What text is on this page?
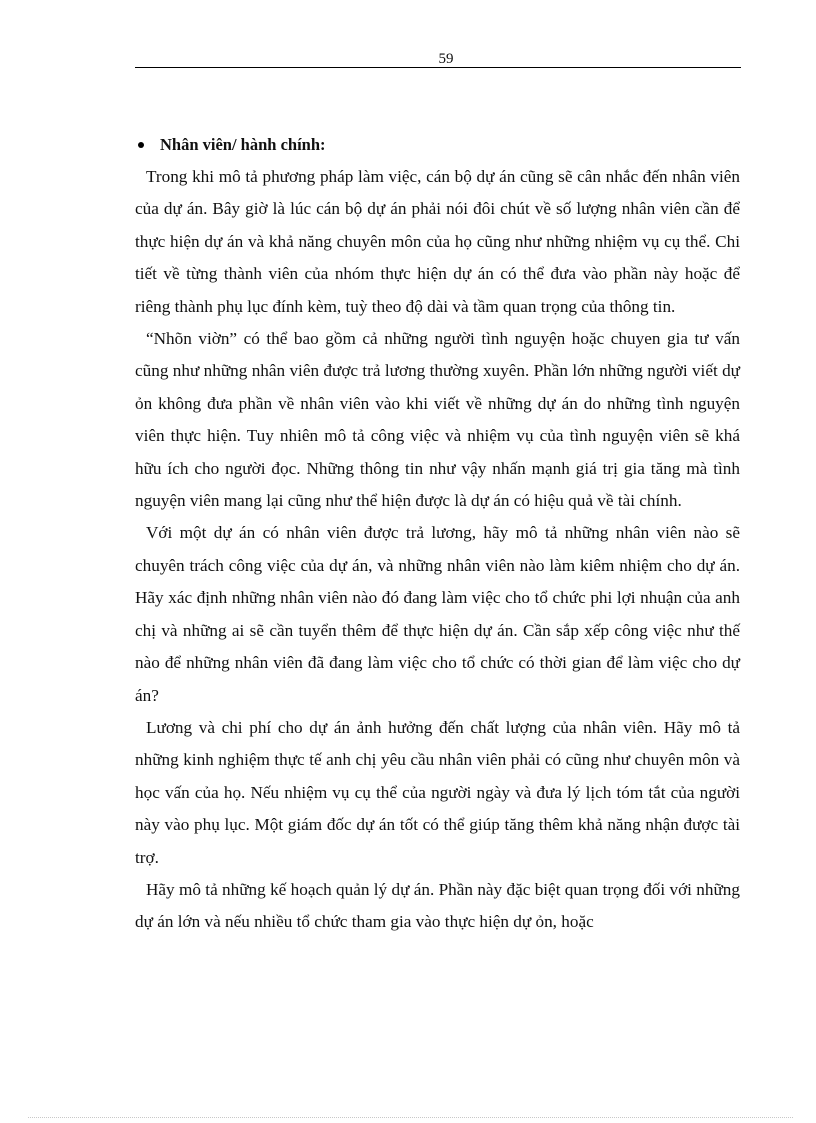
59
Nhân viên/ hành chính:

Trong khi mô tả phương pháp làm việc, cán bộ dự án cũng sẽ cân nhắc đến nhân viên của dự án. Bây giờ là lúc cán bộ dự án phải nói đôi chút về số lượng nhân viên cần để thực hiện dự án và khả năng chuyên môn của họ cũng như những nhiệm vụ cụ thể. Chi tiết về từng thành viên của nhóm thực hiện dự án có thể đưa vào phần này hoặc để riêng thành phụ lục đính kèm, tuỳ theo độ dài và tầm quan trọng của thông tin.

“Nhõn viờn” có thể bao gồm cả những người tình nguyện hoặc chuyen gia tư vấn cũng như những nhân viên được trả lương thường xuyên. Phần lớn những người viết dự ỏn không đưa phần về nhân viên vào khi viết về những dự án do những tình nguyện viên thực hiện. Tuy nhiên mô tả công việc và nhiệm vụ của tình nguyện viên sẽ khá hữu ích cho người đọc. Những thông tin như vậy nhấn mạnh giá trị gia tăng mà tình nguyện viên mang lại cũng như thể hiện được là dự án có hiệu quả về tài chính.

Với một dự án có nhân viên được trả lương, hãy mô tả những nhân viên nào sẽ chuyên trách công việc của dự án, và những nhân viên nào làm kiêm nhiệm cho dự án. Hãy xác định những nhân viên nào đó đang làm việc cho tổ chức phi lợi nhuận của anh chị và những ai sẽ cần tuyển thêm để thực hiện dự án. Cần sắp xếp công việc như thế nào để những nhân viên đã đang làm việc cho tổ chức có thời gian để làm việc cho dự án?

Lương và chi phí cho dự án ảnh hưởng đến chất lượng của nhân viên. Hãy mô tả những kinh nghiệm thực tế anh chị yêu cầu nhân viên phải có cũng như chuyên môn và học vấn của họ. Nếu nhiệm vụ cụ thể của người ngày và đưa lý lịch tóm tắt của người này vào phụ lục. Một giám đốc dự án tốt có thể giúp tăng thêm khả năng nhận được tài trợ.

Hãy mô tả những kế hoạch quản lý dự án. Phần này đặc biệt quan trọng đối với những dự án lớn và nếu nhiều tổ chức tham gia vào thực hiện dự ỏn, hoặc
